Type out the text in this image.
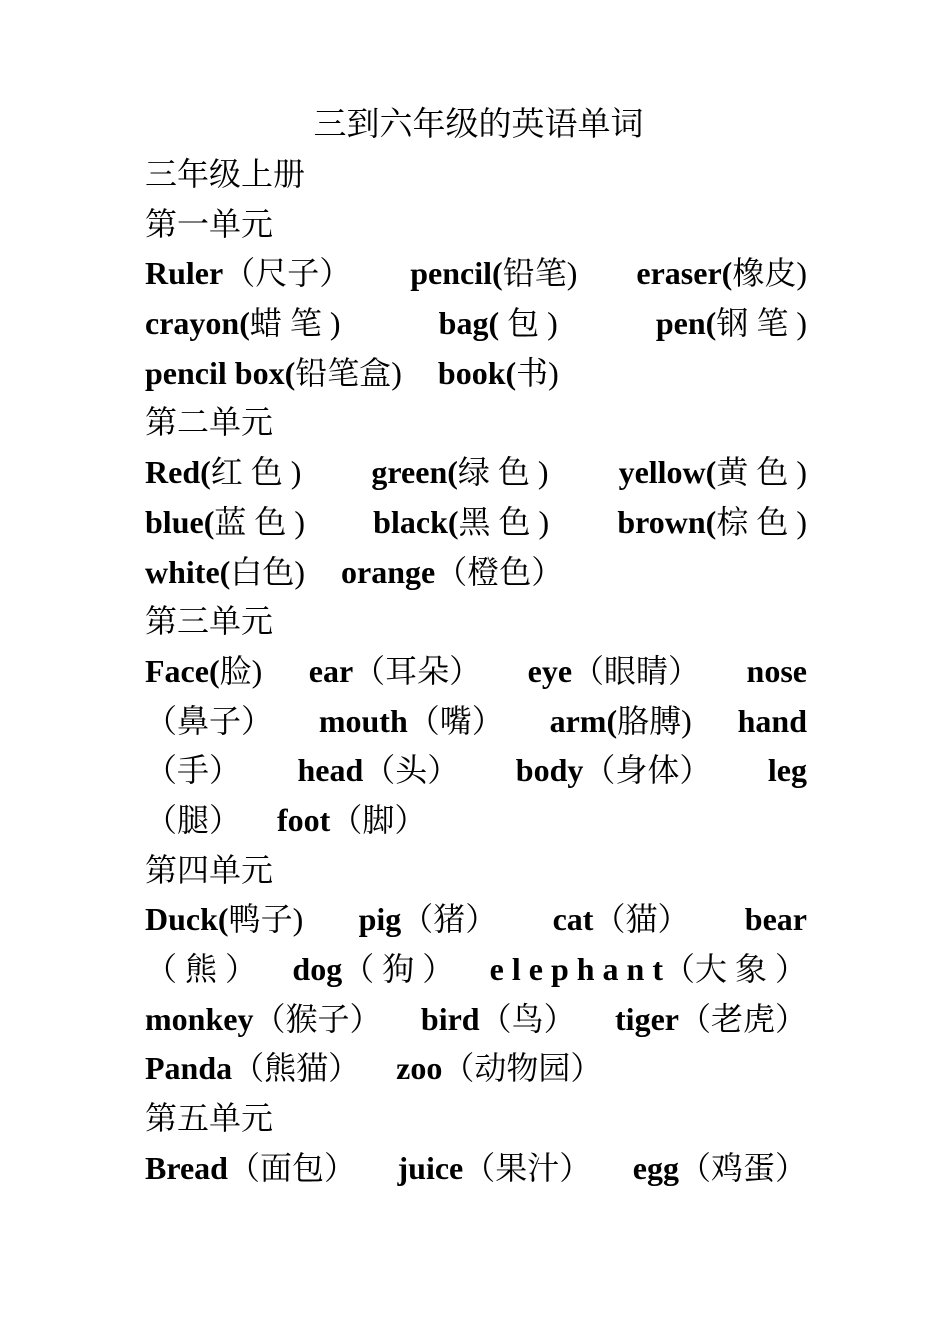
三到六年级的英语单词
三年级上册
第一单元
Ruler（尺子） pencil(铅笔) eraser(橡皮)
crayon(蜡 笔 )	bag( 包 )	pen(钢 笔 )
pencil box(铅笔盒) book(书)
第二单元
Red(红 色 ) green(绿 色 ) yellow(黄 色 )
blue(蓝 色 ) black(黑 色 ) brown(棕 色 )
white(白色) orange（橙色）
第三单元
Face(脸) ear（耳朵） eye（眼睛） nose
（鼻子） mouth（嘴） arm(胳膊) hand
（手） head（头） body（身体） leg
（腿） foot（脚）
第四单元
Duck(鸭子) pig（猪） cat（猫） bear
（ 熊 ） dog（ 狗 ） e l e p h a n t（大 象 ）
monkey（猴子） bird（鸟） tiger（老虎）
Panda（熊猫） zoo（动物园）
第五单元
Bread（面包） juice（果汁） egg（鸡蛋）
